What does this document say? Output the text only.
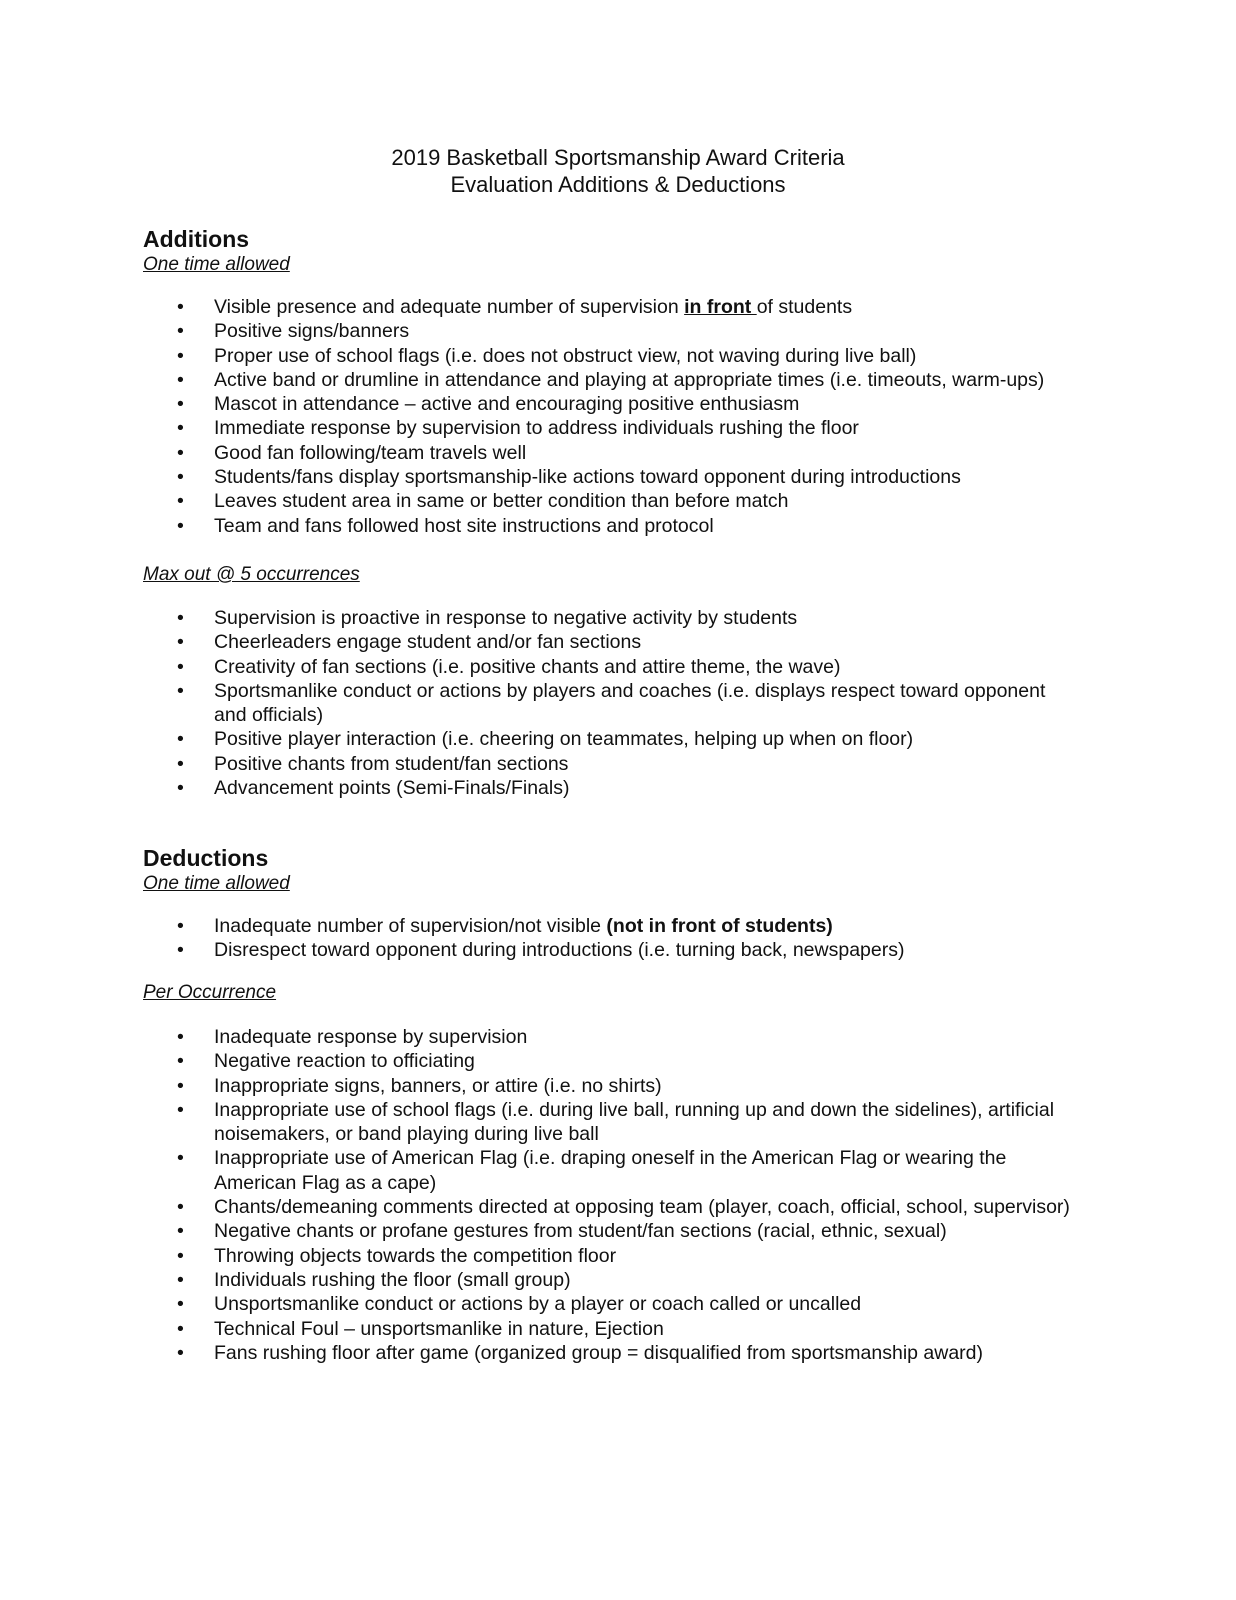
2019 Basketball Sportsmanship Award Criteria
Evaluation Additions & Deductions
Additions
One time allowed
• Visible presence and adequate number of supervision in front of students
• Positive signs/banners
• Proper use of school flags (i.e. does not obstruct view, not waving during live ball)
• Active band or drumline in attendance and playing at appropriate times (i.e. timeouts, warm-ups)
• Mascot in attendance – active and encouraging positive enthusiasm
• Immediate response by supervision to address individuals rushing the floor
• Good fan following/team travels well
• Students/fans display sportsmanship-like actions toward opponent during introductions
• Leaves student area in same or better condition than before match
• Team and fans followed host site instructions and protocol
Max out @ 5 occurrences
• Supervision is proactive in response to negative activity by students
• Cheerleaders engage student and/or fan sections
• Creativity of fan sections (i.e. positive chants and attire theme, the wave)
• Sportsmanlike conduct or actions by players and coaches (i.e. displays respect toward opponent and officials)
• Positive player interaction (i.e. cheering on teammates, helping up when on floor)
• Positive chants from student/fan sections
• Advancement points (Semi-Finals/Finals)
Deductions
One time allowed
• Inadequate number of supervision/not visible (not in front of students)
• Disrespect toward opponent during introductions (i.e. turning back, newspapers)
Per Occurrence
• Inadequate response by supervision
• Negative reaction to officiating
• Inappropriate signs, banners, or attire (i.e. no shirts)
• Inappropriate use of school flags (i.e. during live ball, running up and down the sidelines), artificial noisemakers, or band playing during live ball
• Inappropriate use of American Flag (i.e. draping oneself in the American Flag or wearing the American Flag as a cape)
• Chants/demeaning comments directed at opposing team (player, coach, official, school, supervisor)
• Negative chants or profane gestures from student/fan sections (racial, ethnic, sexual)
• Throwing objects towards the competition floor
• Individuals rushing the floor (small group)
• Unsportsmanlike conduct or actions by a player or coach called or uncalled
• Technical Foul – unsportsmanlike in nature, Ejection
• Fans rushing floor after game (organized group = disqualified from sportsmanship award)
